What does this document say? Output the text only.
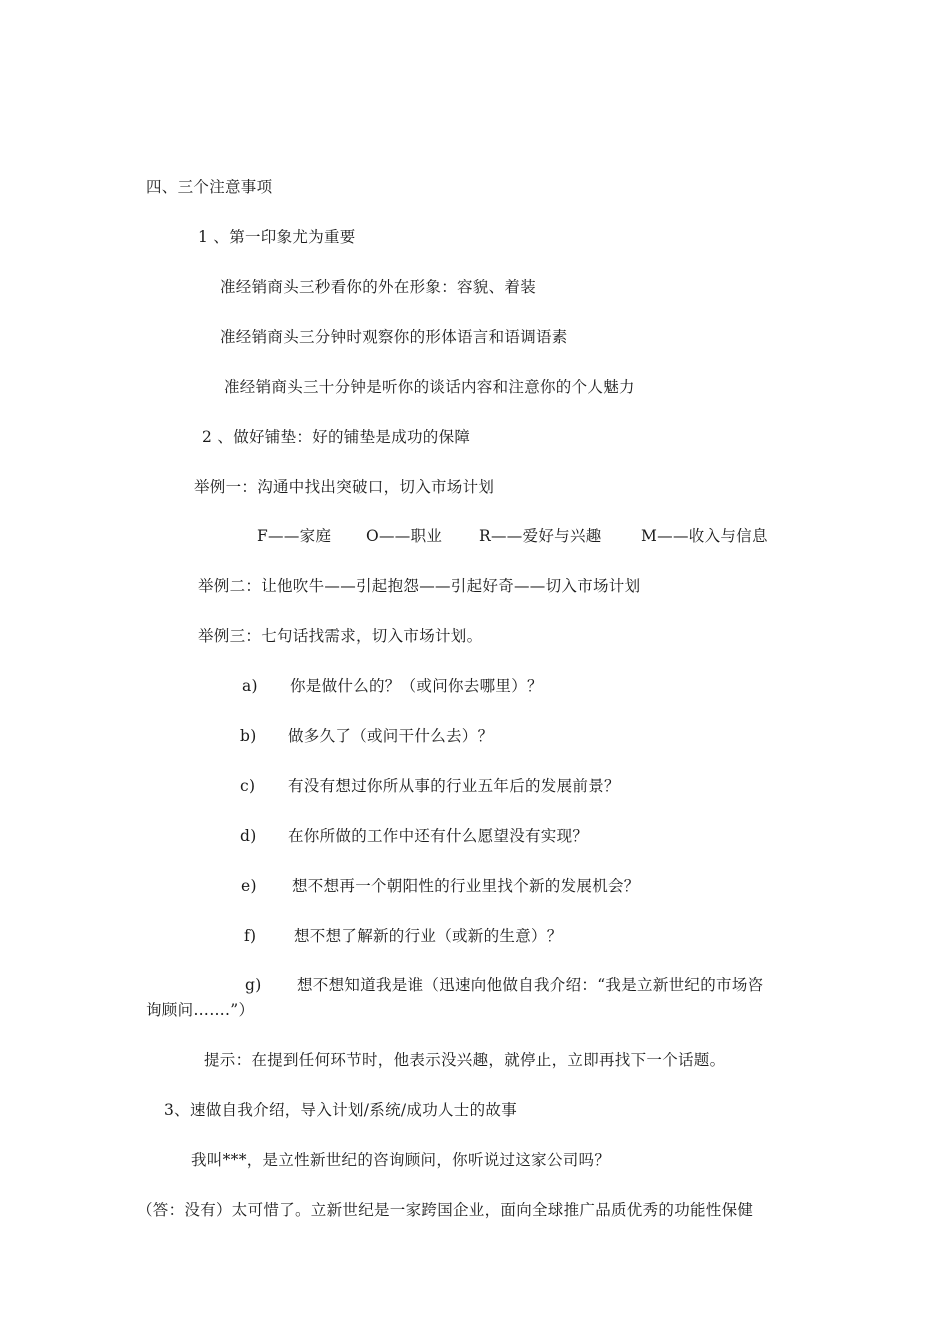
四、三个注意事项
1 、第一印象尤为重要
准经销商头三秒看你的外在形象：容貌、着装
准经销商头三分钟时观察你的形体语言和语调语素
准经销商头三十分钟是听你的谈话内容和注意你的个人魅力
2 、做好铺垫：好的铺垫是成功的保障
举例一：沟通中找出突破口，切入市场计划
F——家庭 O——职业 R——爱好与兴趣	M——收入与信息
举例二：让他吹牛——引起抱怨——引起好奇——切入市场计划
举例三：七句话找需求，切入市场计划。
a) 你是做什么的？（或问你去哪里）？
b) 做多久了（或问干什么去）？
c) 有没有想过你所从事的行业五年后的发展前景？
d) 在你所做的工作中还有什么愿望没有实现？
e) 想不想再一个朝阳性的行业里找个新的发展机会？
f) 想不想了解新的行业（或新的生意）？
g) 想不想知道我是谁（迅速向他做自我介绍：“我是立新世纪的市场咨
询顾问…….”）
提示：在提到任何环节时，他表示没兴趣，就停止，立即再找下一个话题。
3、速做自我介绍，导入计划/系统/成功人士的故事
我叫***，是立性新世纪的咨询顾问，你听说过这家公司吗？
（答：没有）太可惜了。立新世纪是一家跨国企业，面向全球推广品质优秀的功能性保健
